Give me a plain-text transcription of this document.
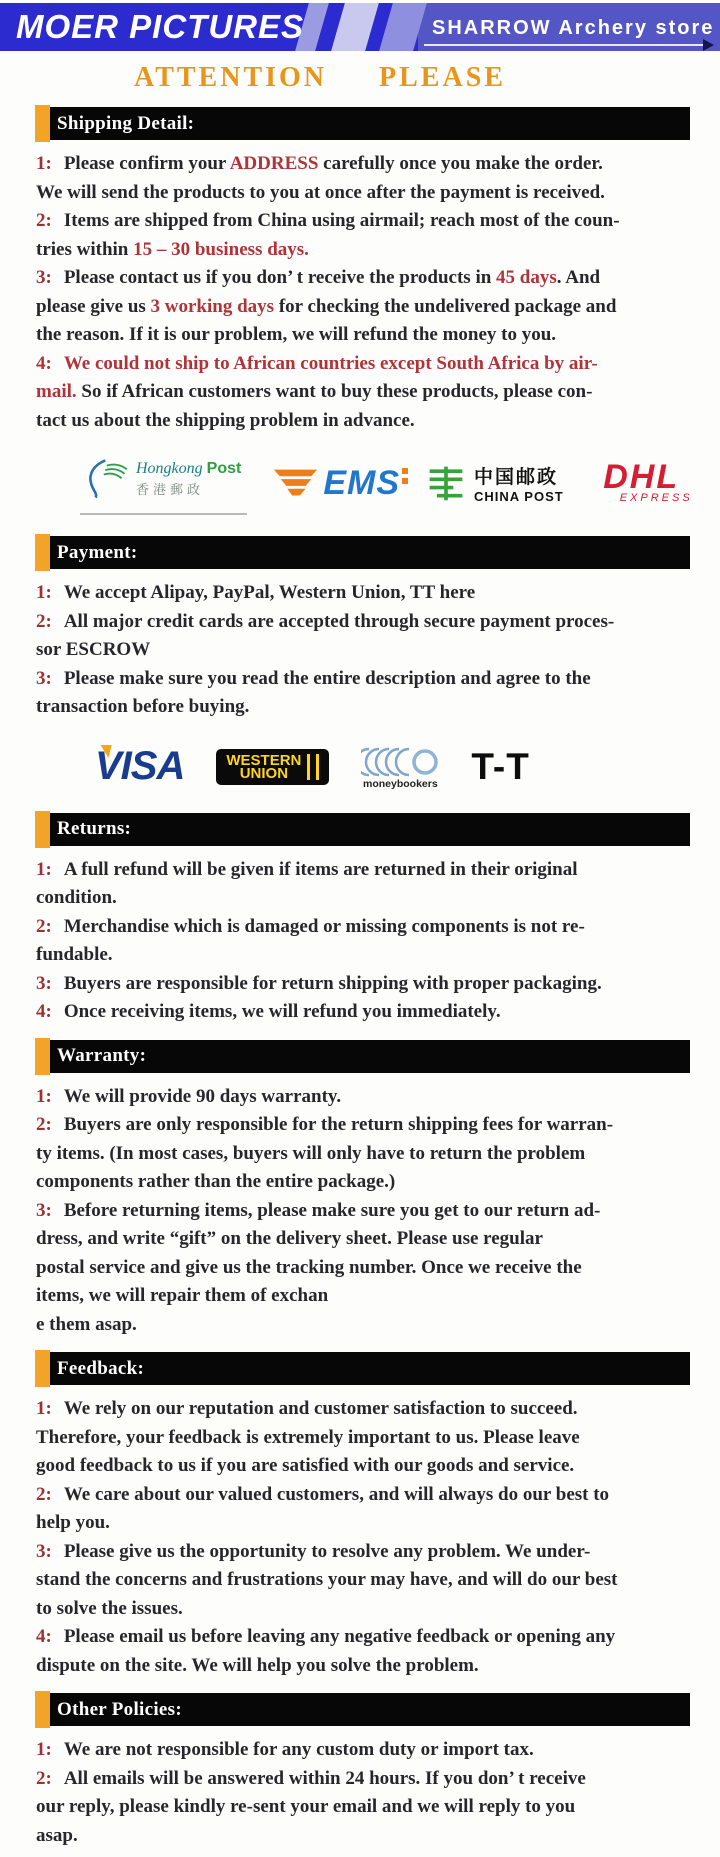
MOER PICTURES	SHARROW Archery store
ATTENTION PLEASE
Shipping Detail:
1: Please confirm your ADDRESS carefully once you make the order.
We will send the products to you at once after the payment is received.
2: Items are shipped from China using airmail; reach most of the coun-
tries within 15 – 30 business days.
3: Please contact us if you don’ t receive the products in 45 days. And
please give us 3 working days for checking the undelivered package and
the reason. If it is our problem, we will refund the money to you.
4: We could not ship to African countries except South Africa by air-
mail. So if African customers want to buy these products, please con-
tact us about the shipping problem in advance.
Hongkong Post
香港郵政	EMS	中国邮政
CHINA POST
DHL
EXPRESS
Payment:
1: We accept Alipay, PayPal, Western Union, TT here
2: All major credit cards are accepted through secure payment proces-
sor ESCROW
3: Please make sure you read the entire description and agree to the
transaction before buying.
VISA	WESTERN
UNION
moneybookers T-T
Returns:
1: A full refund will be given if items are returned in their original
condition.
2: Merchandise which is damaged or missing components is not re-
fundable.
3: Buyers are responsible for return shipping with proper packaging.
4: Once receiving items, we will refund you immediately.
Warranty:
1: We will provide 90 days warranty.
2: Buyers are only responsible for the return shipping fees for warran-
ty items. (In most cases, buyers will only have to return the problem
components rather than the entire package.)
3: Before returning items, please make sure you get to our return ad-
dress, and write “gift” on the delivery sheet. Please use regular
postal service and give us the tracking number. Once we receive the
items, we will repair them of exchan
e them asap.
Feedback:
1: We rely on our reputation and customer satisfaction to succeed.
Therefore, your feedback is extremely important to us. Please leave
good feedback to us if you are satisfied with our goods and service.
2: We care about our valued customers, and will always do our best to
help you.
3: Please give us the opportunity to resolve any problem. We under-
stand the concerns and frustrations your may have, and will do our best
to solve the issues.
4: Please email us before leaving any negative feedback or opening any
dispute on the site. We will help you solve the problem.
Other Policies:
1: We are not responsible for any custom duty or import tax.
2: All emails will be answered within 24 hours. If you don’ t receive
our reply, please kindly re-sent your email and we will reply to you
asap.
